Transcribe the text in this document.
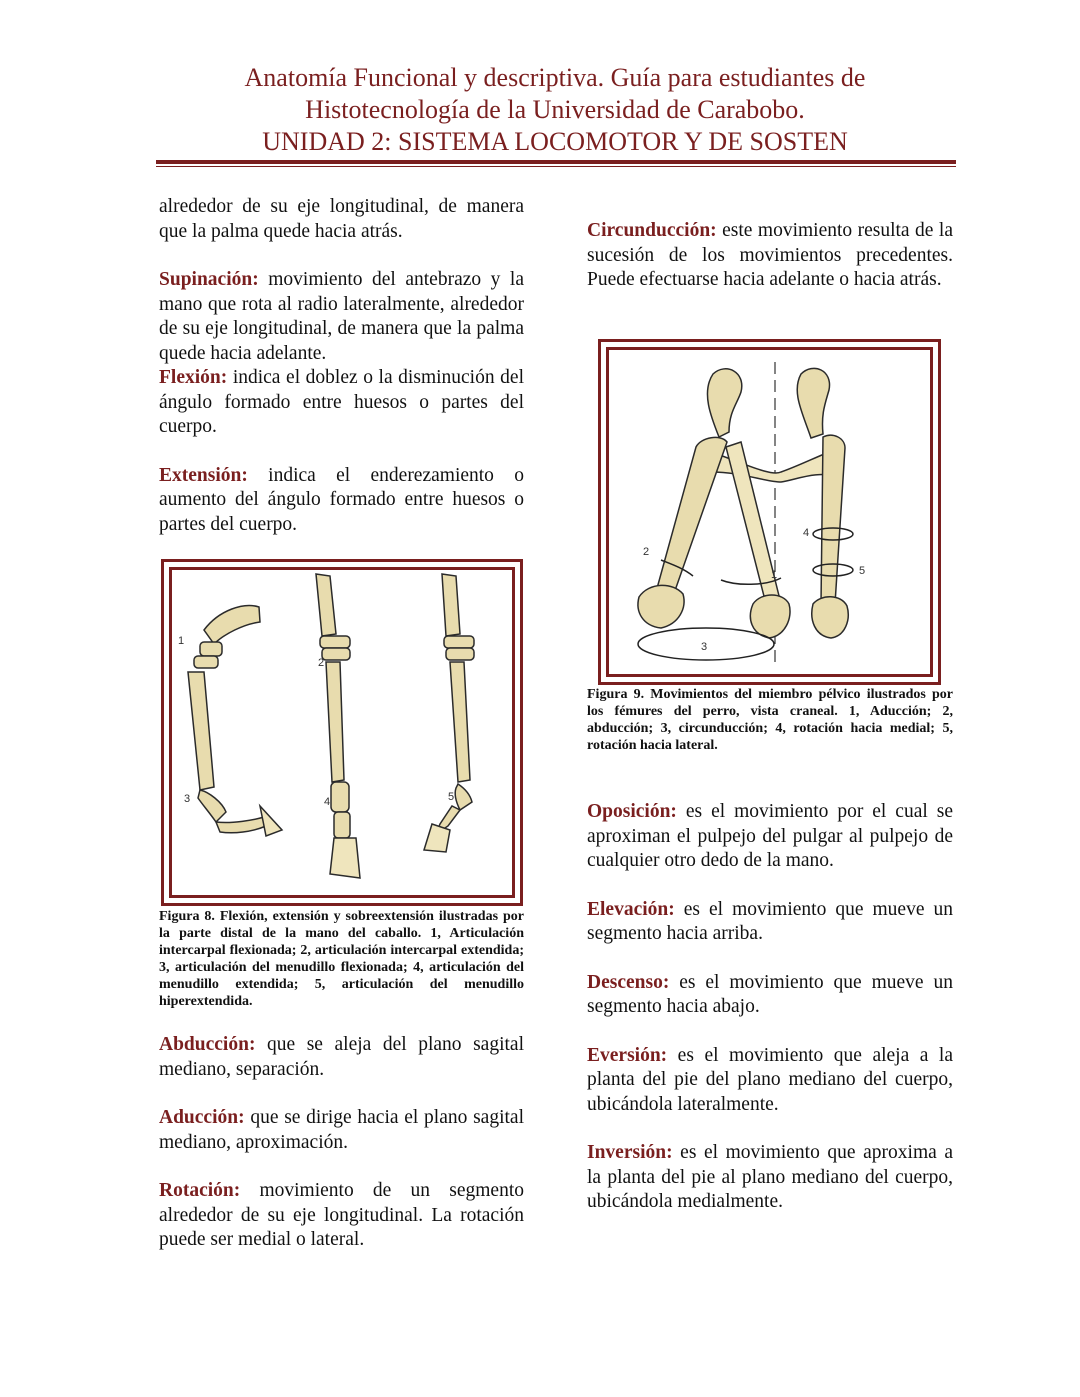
Anatomía Funcional y descriptiva. Guía para estudiantes de
Histotecnología de la Universidad de Carabobo.
UNIDAD 2: SISTEMA LOCOMOTOR Y DE SOSTEN

alrededor de su eje longitudinal, de manera que la palma quede hacia atrás.

Supinación: movimiento del antebrazo y la mano que rota al radio lateralmente, alrededor de su eje longitudinal, de manera que la palma quede hacia adelante.

Flexión: indica el doblez o la disminución del ángulo formado entre huesos o partes del cuerpo.

Extensión: indica el enderezamiento o aumento del ángulo formado entre huesos o partes del cuerpo.

1
2
3	4	5
Figura 8. Flexión, extensión y sobreextensión ilustradas por la parte distal de la mano del caballo. 1, Articulación intercarpal flexionada; 2, articulación intercarpal extendida; 3, articulación del menudillo flexionada; 4, articulación del menudillo extendida; 5, articulación del menudillo hiperextendida.

Abducción: que se aleja del plano sagital mediano, separación.

Aducción: que se dirige hacia el plano sagital mediano, aproximación.

Rotación: movimiento de un segmento alrededor de su eje longitudinal. La rotación puede ser medial o lateral.

Circunducción: este movimiento resulta de la sucesión de los movimientos precedentes. Puede efectuarse hacia adelante o hacia atrás.

2
1
3
4
5
Figura 9. Movimientos del miembro pélvico ilustrados por los fémures del perro, vista craneal. 1, Aducción; 2, abducción; 3, circunducción; 4, rotación hacia medial; 5, rotación hacia lateral.

Oposición: es el movimiento por el cual se aproximan el pulpejo del pulgar al pulpejo de cualquier otro dedo de la mano.

Elevación: es el movimiento que mueve un segmento hacia arriba.

Descenso: es el movimiento que mueve un segmento hacia abajo.

Eversión: es el movimiento que aleja a la planta del pie del plano mediano del cuerpo, ubicándola lateralmente.

Inversión: es el movimiento que aproxima a la planta del pie al plano mediano del cuerpo, ubicándola medialmente.
